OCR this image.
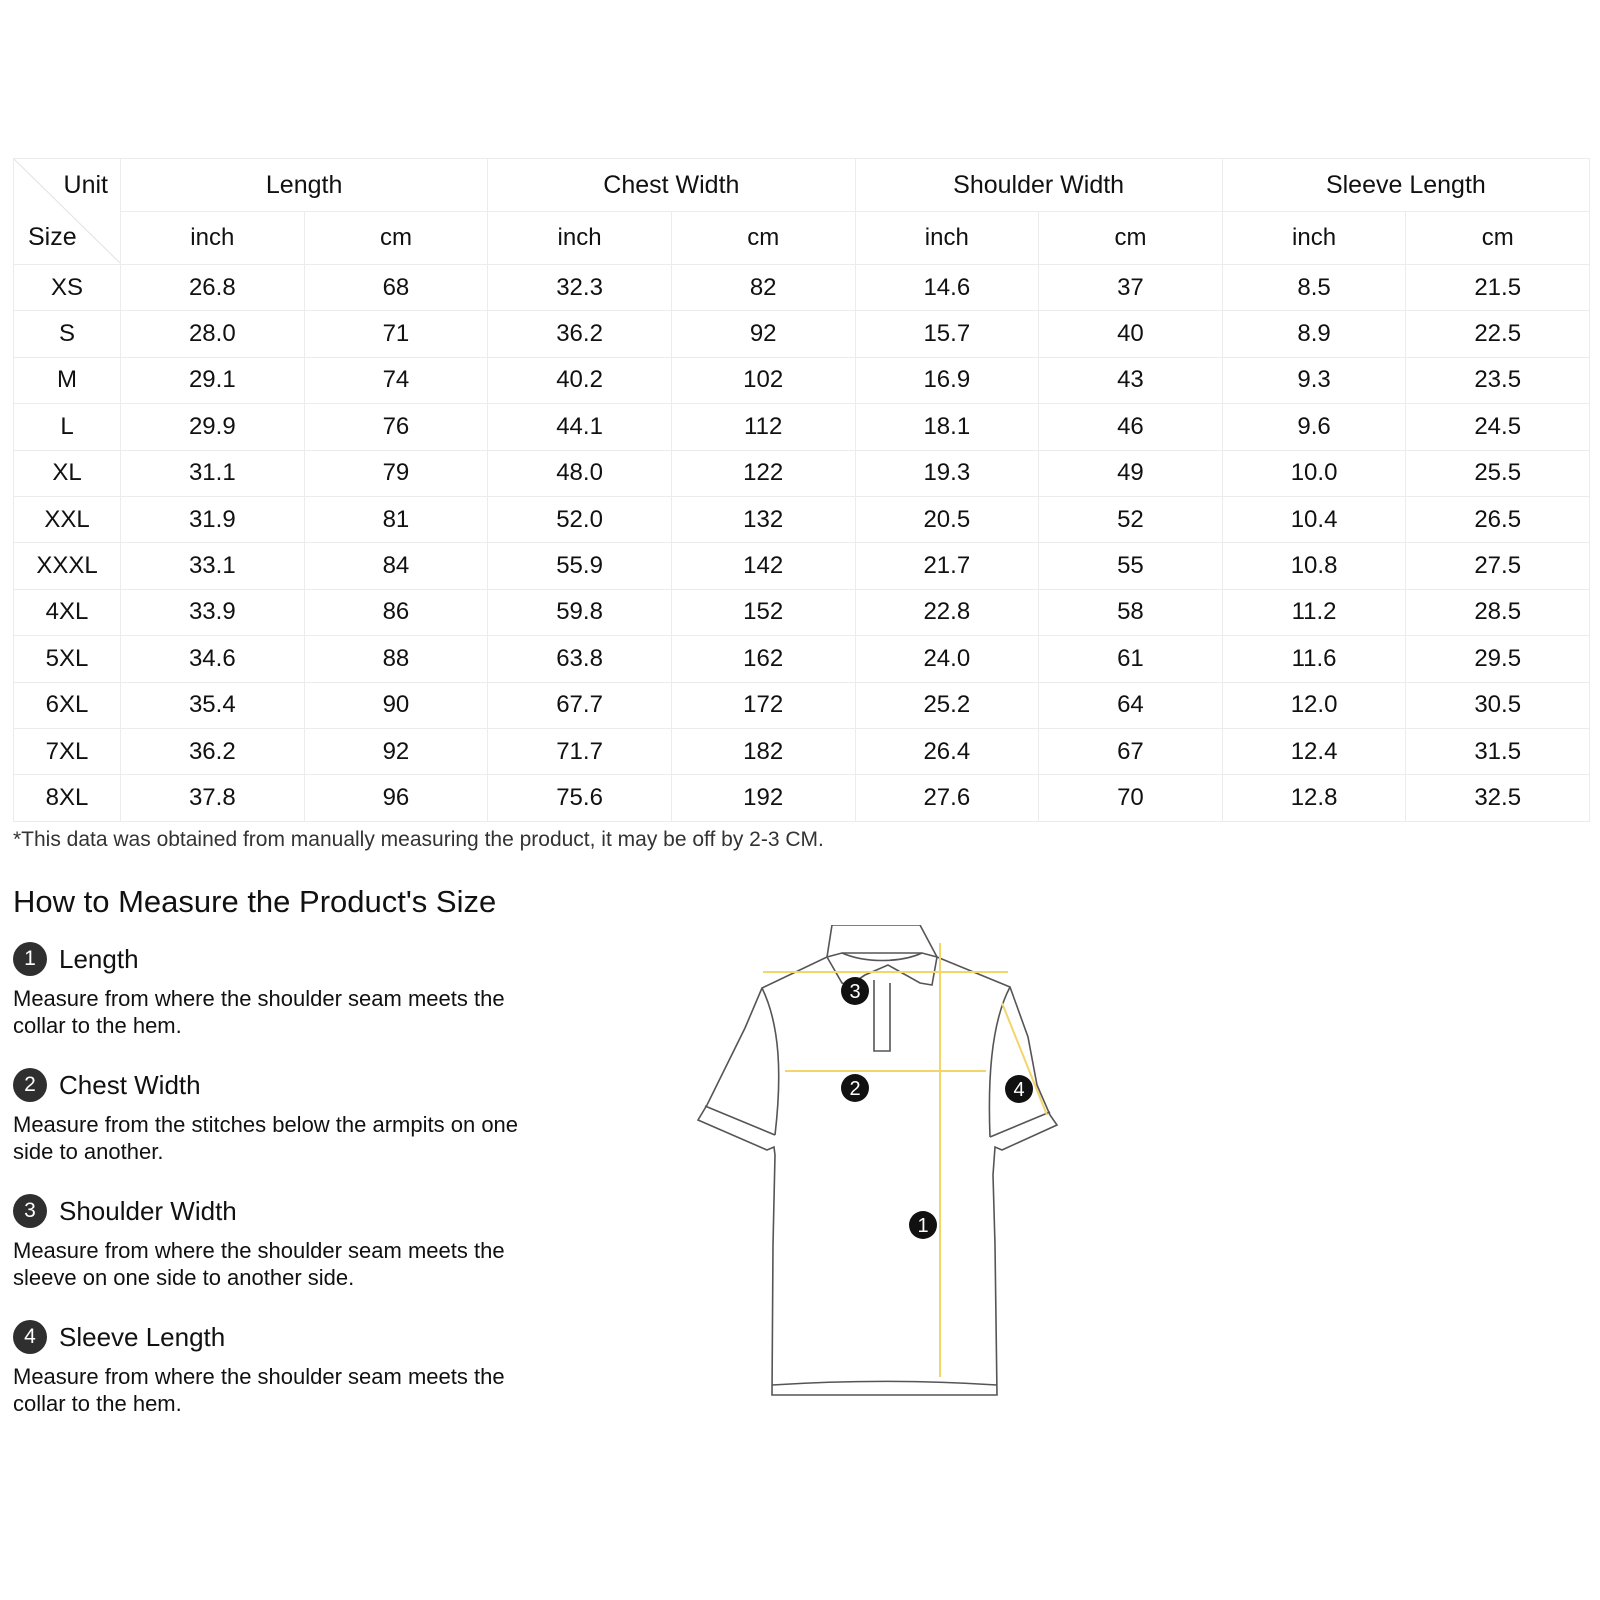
Unit
Size	Length		Chest Width		Shoulder Width		Sleeve Length	
	inch	cm	inch	cm	inch	cm	inch	cm
XS	26.8	68	32.3	82	14.6	37	8.5	21.5
S	28.0	71	36.2	92	15.7	40	8.9	22.5
M	29.1	74	40.2	102	16.9	43	9.3	23.5
L	29.9	76	44.1	112	18.1	46	9.6	24.5
XL	31.1	79	48.0	122	19.3	49	10.0	25.5
XXL	31.9	81	52.0	132	20.5	52	10.4	26.5
XXXL	33.1	84	55.9	142	21.7	55	10.8	27.5
4XL	33.9	86	59.8	152	22.8	58	11.2	28.5
5XL	34.6	88	63.8	162	24.0	61	11.6	29.5
6XL	35.4	90	67.7	172	25.2	64	12.0	30.5
7XL	36.2	92	71.7	182	26.4	67	12.4	31.5
8XL	37.8	96	75.6	192	27.6	70	12.8	32.5
*This data was obtained from manually measuring the product, it may be off by 2-3 CM.
How to Measure the Product's Size
1 Length
Measure from where the shoulder seam meets the collar to the hem.
2 Chest Width
Measure from the stitches below the armpits on one side to another.
3 Shoulder Width
Measure from where the shoulder seam meets the sleeve on one side to another side.
4 Sleeve Length
Measure from where the shoulder seam meets the collar to the hem.
3
2	4
1
